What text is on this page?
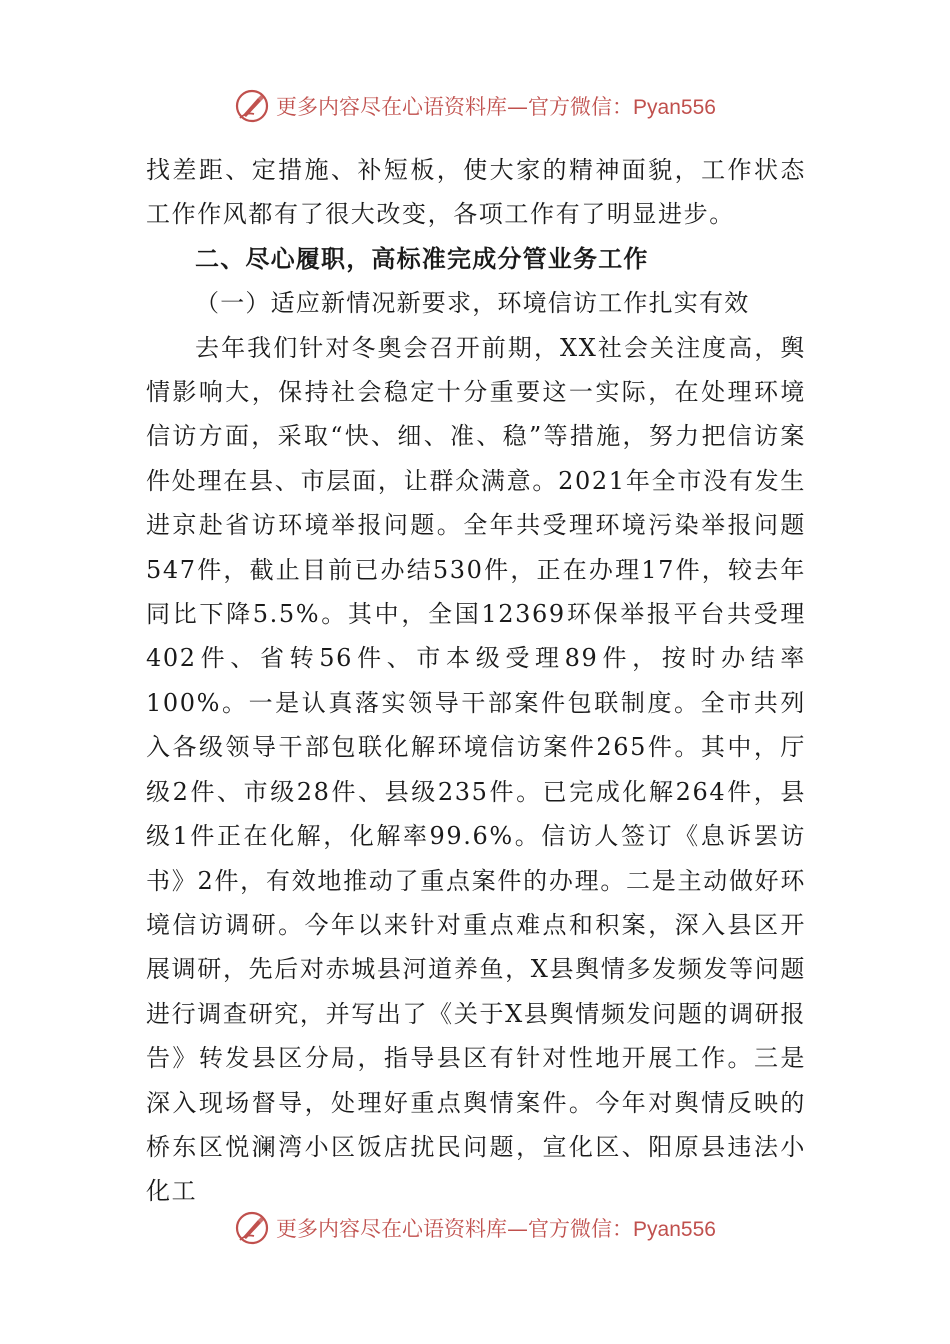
更多内容尽在心语资料库—官方微信：Pyan556

找差距、定措施、补短板，使大家的精神面貌，工作状态工作作风都有了很大改变，各项工作有了明显进步。

二、尽心履职，高标准完成分管业务工作

（一）适应新情况新要求，环境信访工作扎实有效

去年我们针对冬奥会召开前期，XX社会关注度高，舆情影响大，保持社会稳定十分重要这一实际，在处理环境信访方面，采取“快、细、准、稳”等措施，努力把信访案件处理在县、市层面，让群众满意。2021年全市没有发生进京赴省访环境举报问题。全年共受理环境污染举报问题547件，截止目前已办结530件，正在办理17件，较去年同比下降5.5%。其中，全国12369环保举报平台共受理402件、省转56件、市本级受理89件，按时办结率100%。一是认真落实领导干部案件包联制度。全市共列入各级领导干部包联化解环境信访案件265件。其中，厅级2件、市级28件、县级235件。已完成化解264件，县级1件正在化解，化解率99.6%。信访人签订《息诉罢访书》2件，有效地推动了重点案件的办理。二是主动做好环境信访调研。今年以来针对重点难点和积案，深入县区开展调研，先后对赤城县河道养鱼，X县舆情多发频发等问题进行调查研究，并写出了《关于X县舆情频发问题的调研报告》转发县区分局，指导县区有针对性地开展工作。三是深入现场督导，处理好重点舆情案件。今年对舆情反映的桥东区悦澜湾小区饭店扰民问题，宣化区、阳原县违法小化工

更多内容尽在心语资料库—官方微信：Pyan556
